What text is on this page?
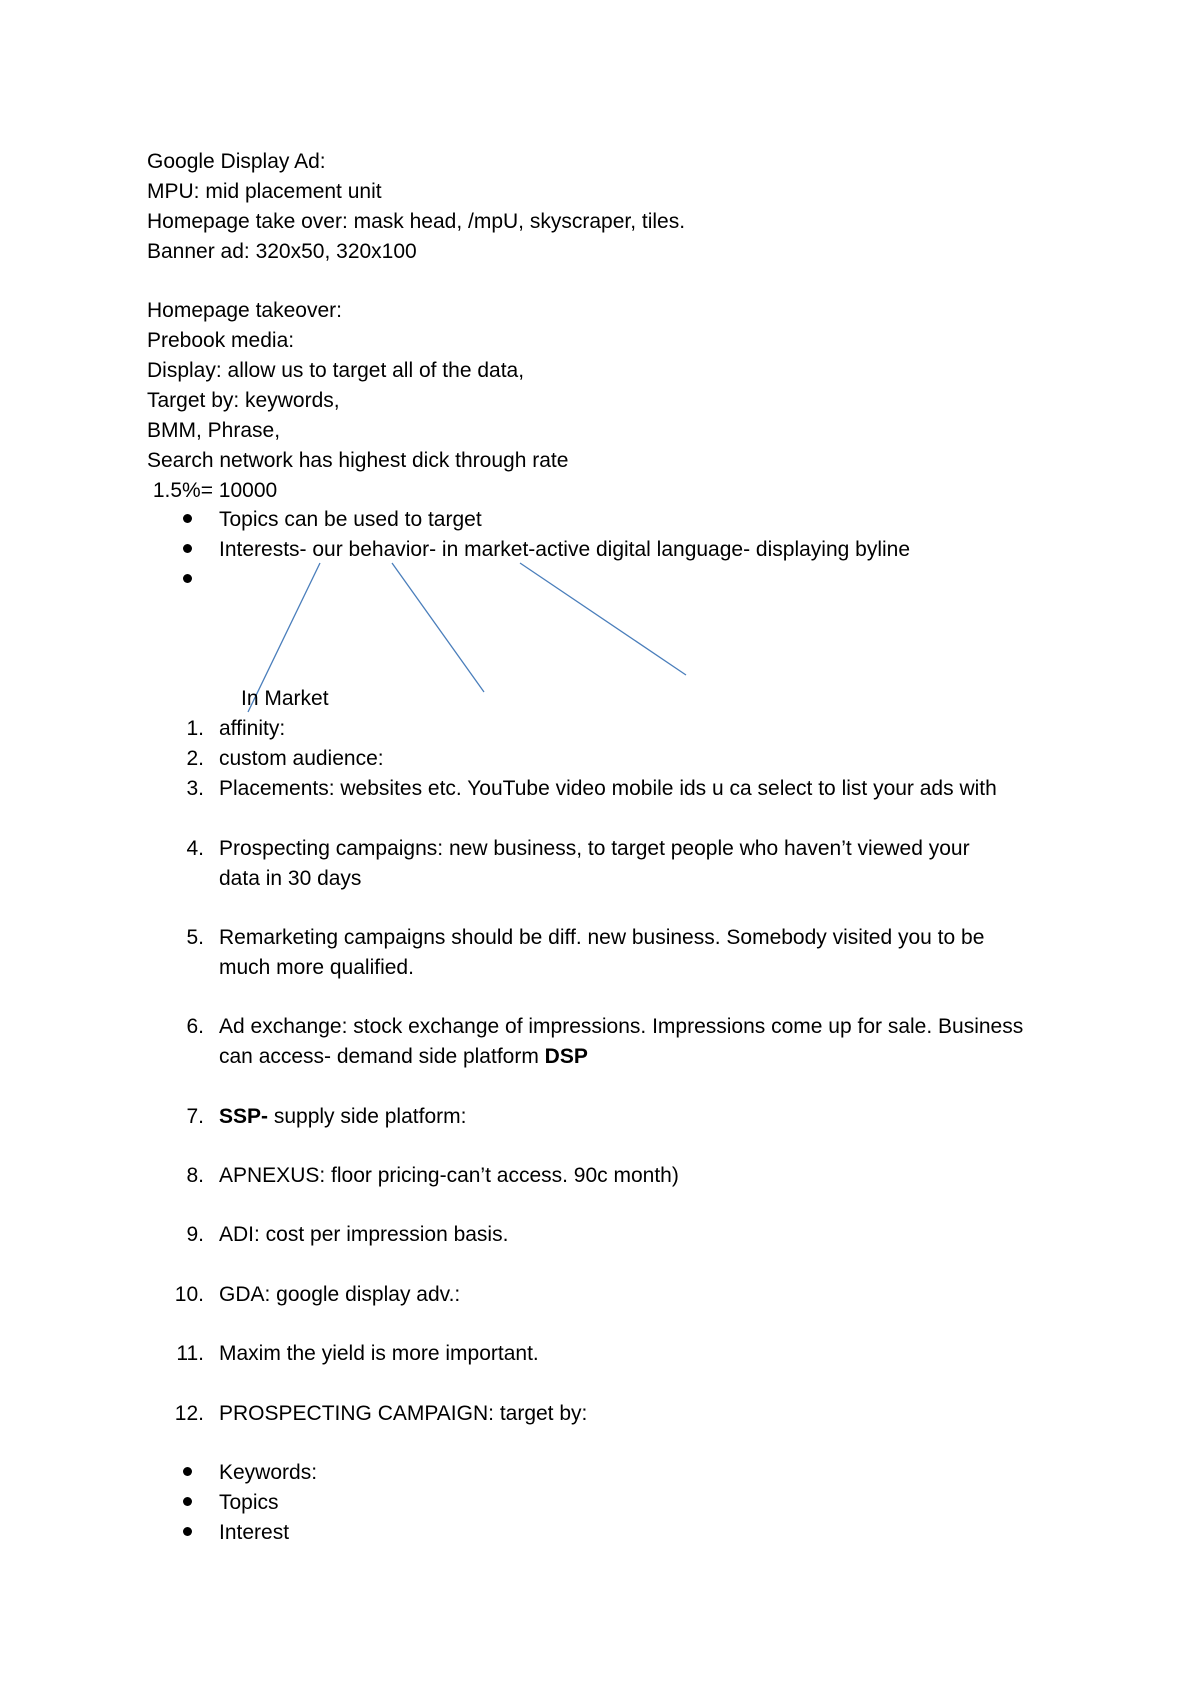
Google Display Ad:
MPU: mid placement unit
Homepage take over: mask head, /mpU, skyscraper, tiles.
Banner ad: 320x50, 320x100
Homepage takeover:
Prebook media:
Display: allow us to target all of the data,
Target by: keywords,
BMM, Phrase,
Search network has highest dick through rate
1.5%= 10000
Topics can be used to target
Interests- our behavior- in market-active digital language- displaying byline
In Market
1. affinity:
2. custom audience:
3. Placements: websites etc. YouTube video mobile ids u ca select to list your ads with
4. Prospecting campaigns: new business, to target people who haven’t viewed your
data in 30 days
5. Remarketing campaigns should be diff. new business. Somebody visited you to be
much more qualified.
6. Ad exchange: stock exchange of impressions. Impressions come up for sale. Business
can access- demand side platform DSP
7. SSP- supply side platform:
8. APNEXUS: floor pricing-can’t access. 90c month)
9. ADI: cost per impression basis.
10. GDA: google display adv.:
11. Maxim the yield is more important.
12. PROSPECTING CAMPAIGN: target by:
Keywords:
Topics
Interest
